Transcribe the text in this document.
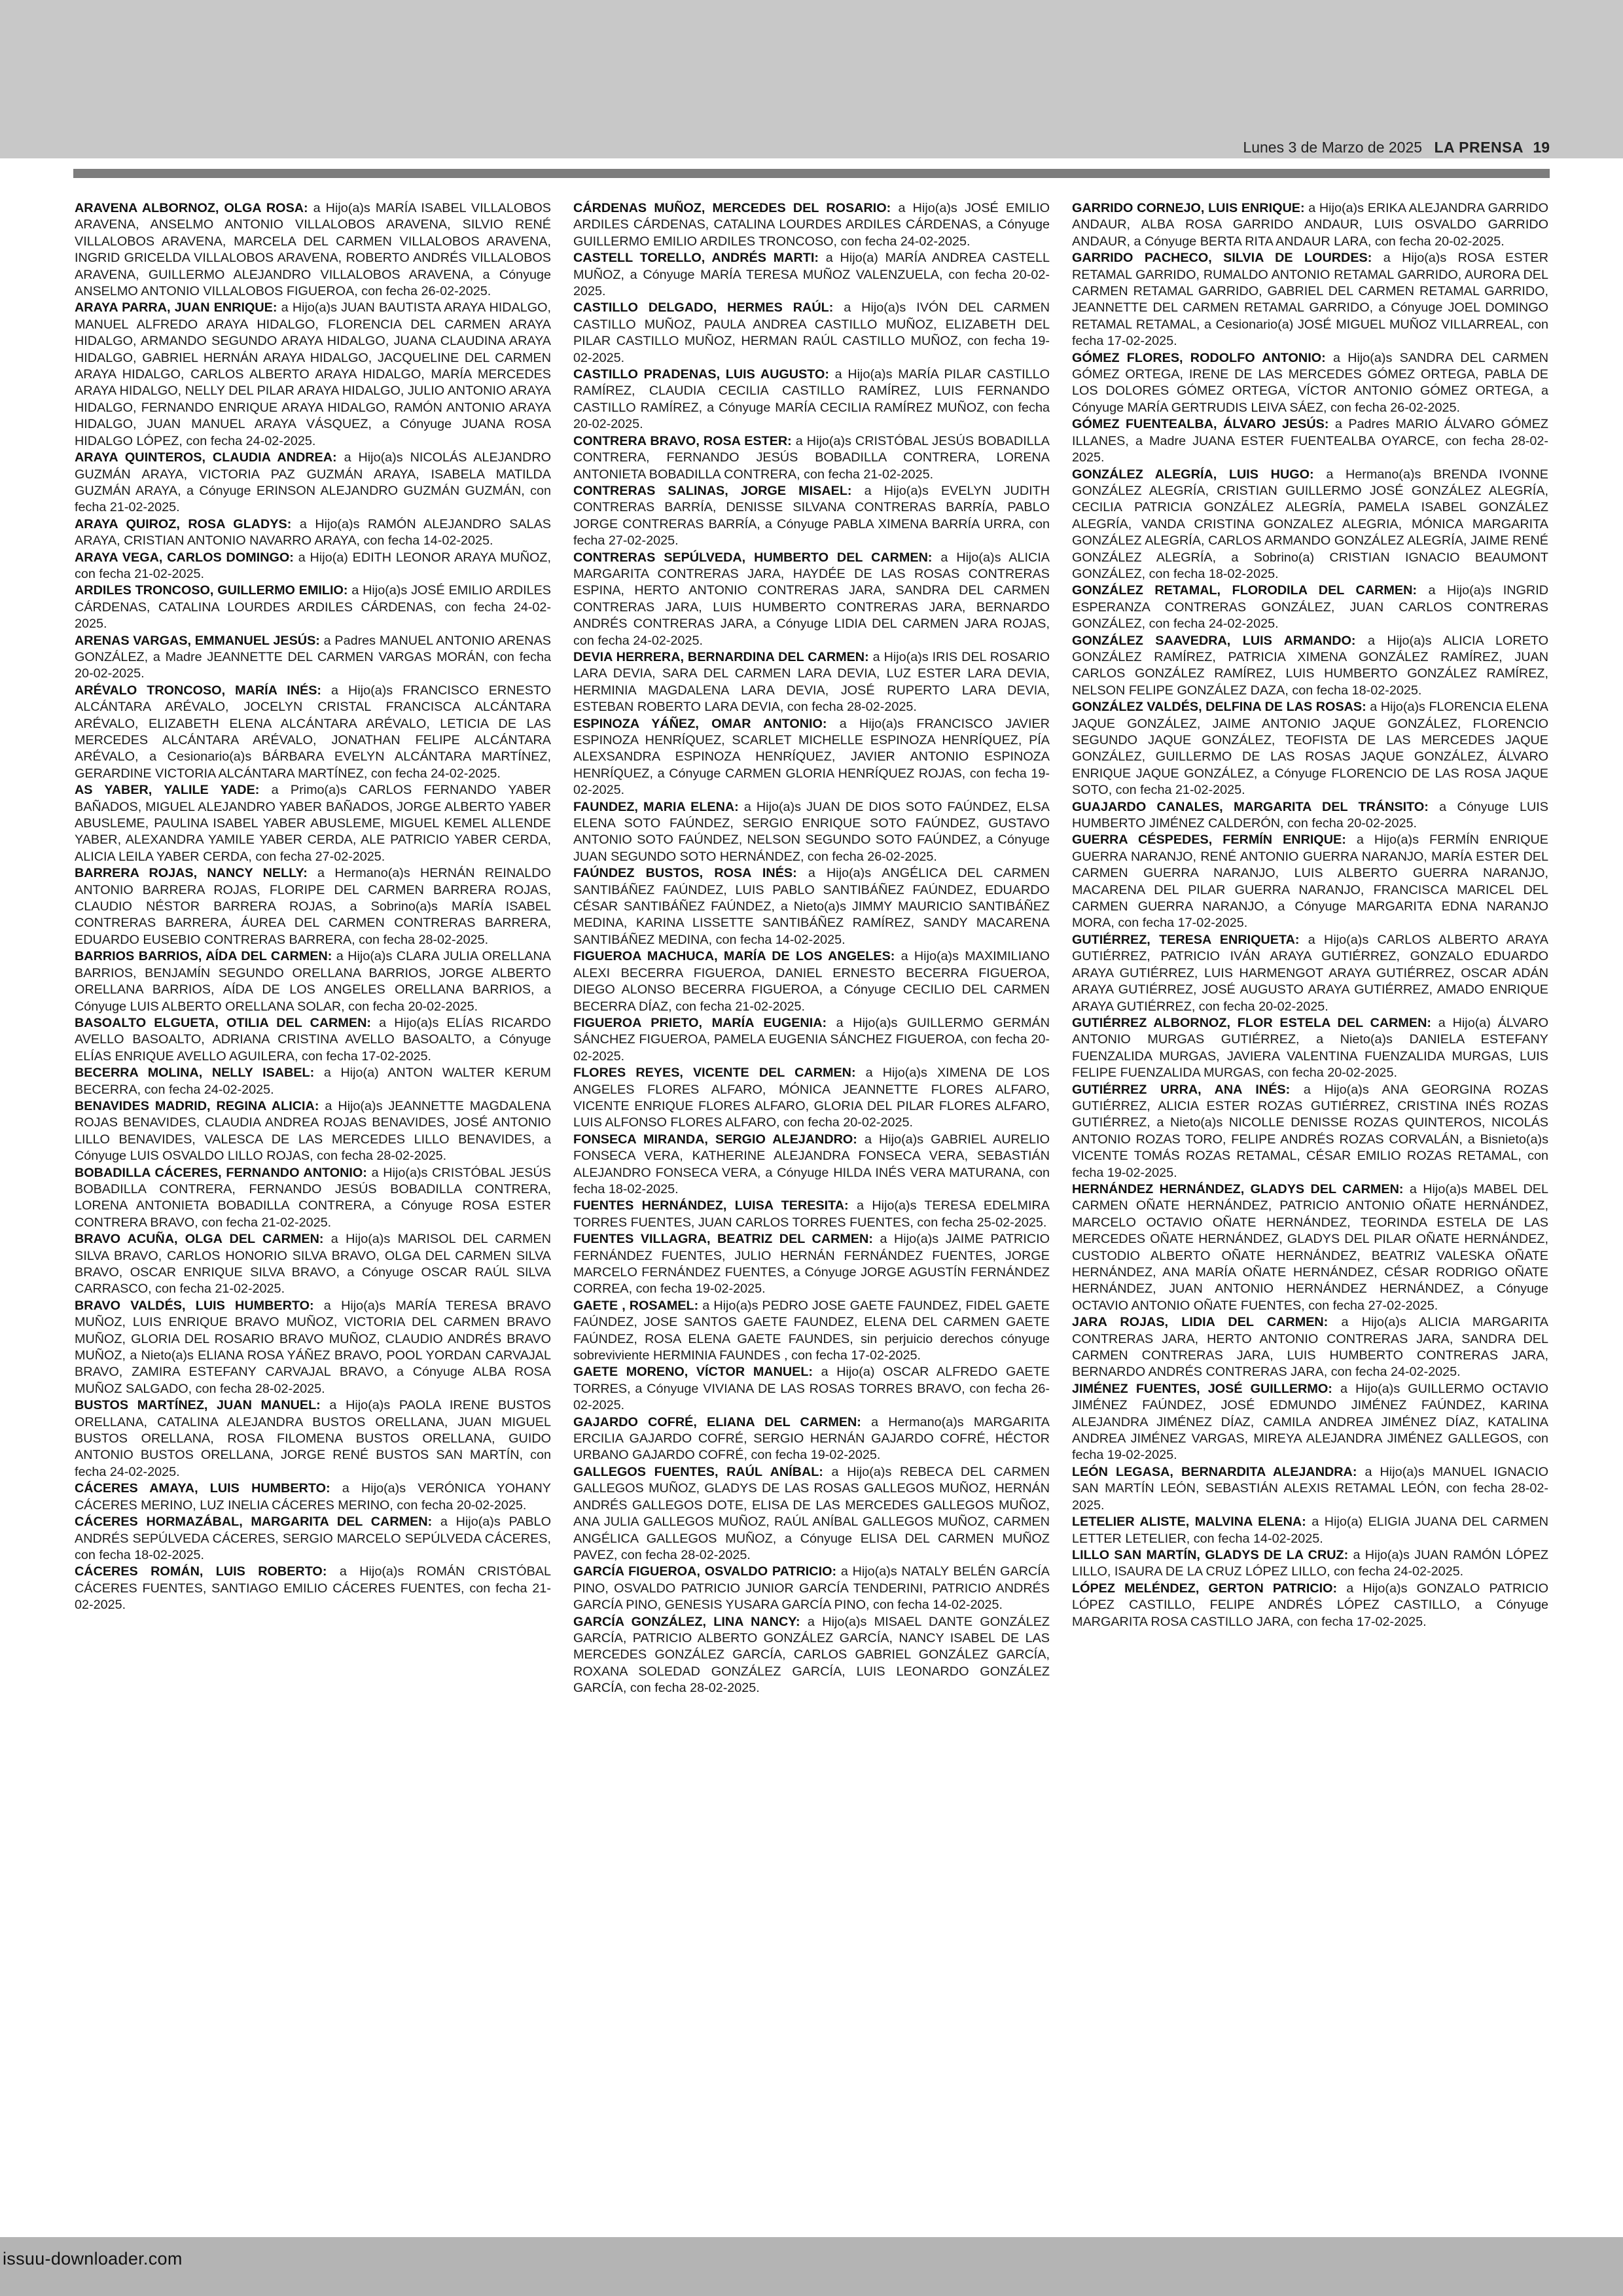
Lunes 3 de Marzo de 2025 LA PRENSA 19

ARAVENA ALBORNOZ, OLGA ROSA: a Hijo(a)s MARÍA ISABEL VILLALOBOS ARAVENA, ANSELMO ANTONIO VILLALOBOS ARAVENA, SILVIO RENÉ VILLALOBOS ARAVENA, MARCELA DEL CARMEN VILLALOBOS ARAVENA, INGRID GRICELDA VILLALOBOS ARAVENA, ROBERTO ANDRÉS VILLALOBOS ARAVENA, GUILLERMO ALEJANDRO VILLALOBOS ARAVENA, a Cónyuge ANSELMO ANTONIO VILLALOBOS FIGUEROA, con fecha 26-02-2025.

ARAYA PARRA, JUAN ENRIQUE: a Hijo(a)s JUAN BAUTISTA ARAYA HIDALGO, MANUEL ALFREDO ARAYA HIDALGO, FLORENCIA DEL CARMEN ARAYA HIDALGO, ARMANDO SEGUNDO ARAYA HIDALGO, JUANA CLAUDINA ARAYA HIDALGO, GABRIEL HERNÁN ARAYA HIDALGO, JACQUELINE DEL CARMEN ARAYA HIDALGO, CARLOS ALBERTO ARAYA HIDALGO, MARÍA MERCEDES ARAYA HIDALGO, NELLY DEL PILAR ARAYA HIDALGO, JULIO ANTONIO ARAYA HIDALGO, FERNANDO ENRIQUE ARAYA HIDALGO, RAMÓN ANTONIO ARAYA HIDALGO, JUAN MANUEL ARAYA VÁSQUEZ, a Cónyuge JUANA ROSA HIDALGO LÓPEZ, con fecha 24-02-2025.

ARAYA QUINTEROS, CLAUDIA ANDREA: a Hijo(a)s NICOLÁS ALEJANDRO GUZMÁN ARAYA, VICTORIA PAZ GUZMÁN ARAYA, ISABELA MATILDA GUZMÁN ARAYA, a Cónyuge ERINSON ALEJANDRO GUZMÁN GUZMÁN, con fecha 21-02-2025.

ARAYA QUIROZ, ROSA GLADYS: a Hijo(a)s RAMÓN ALEJANDRO SALAS ARAYA, CRISTIAN ANTONIO NAVARRO ARAYA, con fecha 14-02-2025.

ARAYA VEGA, CARLOS DOMINGO: a Hijo(a) EDITH LEONOR ARAYA MUÑOZ, con fecha 21-02-2025.

ARDILES TRONCOSO, GUILLERMO EMILIO: a Hijo(a)s JOSÉ EMILIO ARDILES CÁRDENAS, CATALINA LOURDES ARDILES CÁRDENAS, con fecha 24-02-2025.

ARENAS VARGAS, EMMANUEL JESÚS: a Padres MANUEL ANTONIO ARENAS GONZÁLEZ, a Madre JEANNETTE DEL CARMEN VARGAS MORÁN, con fecha 20-02-2025.

ARÉVALO TRONCOSO, MARÍA INÉS: a Hijo(a)s FRANCISCO ERNESTO ALCÁNTARA ARÉVALO, JOCELYN CRISTAL FRANCISCA ALCÁNTARA ARÉVALO, ELIZABETH ELENA ALCÁNTARA ARÉVALO, LETICIA DE LAS MERCEDES ALCÁNTARA ARÉVALO, JONATHAN FELIPE ALCÁNTARA ARÉVALO, a Cesionario(a)s BÁRBARA EVELYN ALCÁNTARA MARTÍNEZ, GERARDINE VICTORIA ALCÁNTARA MARTÍNEZ, con fecha 24-02-2025.

AS YABER, YALILE YADE: a Primo(a)s CARLOS FERNANDO YABER BAÑADOS, MIGUEL ALEJANDRO YABER BAÑADOS, JORGE ALBERTO YABER ABUSLEME, PAULINA ISABEL YABER ABUSLEME, MIGUEL KEMEL ALLENDE YABER, ALEXANDRA YAMILE YABER CERDA, ALE PATRICIO YABER CERDA, ALICIA LEILA YABER CERDA, con fecha 27-02-2025.

BARRERA ROJAS, NANCY NELLY: a Hermano(a)s HERNÁN REINALDO ANTONIO BARRERA ROJAS, FLORIPE DEL CARMEN BARRERA ROJAS, CLAUDIO NÉSTOR BARRERA ROJAS, a Sobrino(a)s MARÍA ISABEL CONTRERAS BARRERA, ÁUREA DEL CARMEN CONTRERAS BARRERA, EDUARDO EUSEBIO CONTRERAS BARRERA, con fecha 28-02-2025.

BARRIOS BARRIOS, AÍDA DEL CARMEN: a Hijo(a)s CLARA JULIA ORELLANA BARRIOS, BENJAMÍN SEGUNDO ORELLANA BARRIOS, JORGE ALBERTO ORELLANA BARRIOS, AÍDA DE LOS ANGELES ORELLANA BARRIOS, a Cónyuge LUIS ALBERTO ORELLANA SOLAR, con fecha 20-02-2025.

BASOALTO ELGUETA, OTILIA DEL CARMEN: a Hijo(a)s ELÍAS RICARDO AVELLO BASOALTO, ADRIANA CRISTINA AVELLO BASOALTO, a Cónyuge ELÍAS ENRIQUE AVELLO AGUILERA, con fecha 17-02-2025.

BECERRA MOLINA, NELLY ISABEL: a Hijo(a) ANTON WALTER KERUM BECERRA, con fecha 24-02-2025.

BENAVIDES MADRID, REGINA ALICIA: a Hijo(a)s JEANNETTE MAGDALENA ROJAS BENAVIDES, CLAUDIA ANDREA ROJAS BENAVIDES, JOSÉ ANTONIO LILLO BENAVIDES, VALESCA DE LAS MERCEDES LILLO BENAVIDES, a Cónyuge LUIS OSVALDO LILLO ROJAS, con fecha 28-02-2025.

BOBADILLA CÁCERES, FERNANDO ANTONIO: a Hijo(a)s CRISTÓBAL JESÚS BOBADILLA CONTRERA, FERNANDO JESÚS BOBADILLA CONTRERA, LORENA ANTONIETA BOBADILLA CONTRERA, a Cónyuge ROSA ESTER CONTRERA BRAVO, con fecha 21-02-2025.

BRAVO ACUÑA, OLGA DEL CARMEN: a Hijo(a)s MARISOL DEL CARMEN SILVA BRAVO, CARLOS HONORIO SILVA BRAVO, OLGA DEL CARMEN SILVA BRAVO, OSCAR ENRIQUE SILVA BRAVO, a Cónyuge OSCAR RAÚL SILVA CARRASCO, con fecha 21-02-2025.

BRAVO VALDÉS, LUIS HUMBERTO: a Hijo(a)s MARÍA TERESA BRAVO MUÑOZ, LUIS ENRIQUE BRAVO MUÑOZ, VICTORIA DEL CARMEN BRAVO MUÑOZ, GLORIA DEL ROSARIO BRAVO MUÑOZ, CLAUDIO ANDRÉS BRAVO MUÑOZ, a Nieto(a)s ELIANA ROSA YÁÑEZ BRAVO, POOL YORDAN CARVAJAL BRAVO, ZAMIRA ESTEFANY CARVAJAL BRAVO, a Cónyuge ALBA ROSA MUÑOZ SALGADO, con fecha 28-02-2025.

BUSTOS MARTÍNEZ, JUAN MANUEL: a Hijo(a)s PAOLA IRENE BUSTOS ORELLANA, CATALINA ALEJANDRA BUSTOS ORELLANA, JUAN MIGUEL BUSTOS ORELLANA, ROSA FILOMENA BUSTOS ORELLANA, GUIDO ANTONIO BUSTOS ORELLANA, JORGE RENÉ BUSTOS SAN MARTÍN, con fecha 24-02-2025.

CÁCERES AMAYA, LUIS HUMBERTO: a Hijo(a)s VERÓNICA YOHANY CÁCERES MERINO, LUZ INELIA CÁCERES MERINO, con fecha 20-02-2025.

CÁCERES HORMAZÁBAL, MARGARITA DEL CARMEN: a Hijo(a)s PABLO ANDRÉS SEPÚLVEDA CÁCERES, SERGIO MARCELO SEPÚLVEDA CÁCERES, con fecha 18-02-2025.

CÁCERES ROMÁN, LUIS ROBERTO: a Hijo(a)s ROMÁN CRISTÓBAL CÁCERES FUENTES, SANTIAGO EMILIO CÁCERES FUENTES, con fecha 21-02-2025.

CÁRDENAS MUÑOZ, MERCEDES DEL ROSARIO: a Hijo(a)s JOSÉ EMILIO ARDILES CÁRDENAS, CATALINA LOURDES ARDILES CÁRDENAS, a Cónyuge GUILLERMO EMILIO ARDILES TRONCOSO, con fecha 24-02-2025.

CASTELL TORELLO, ANDRÉS MARTI: a Hijo(a) MARÍA ANDREA CASTELL MUÑOZ, a Cónyuge MARÍA TERESA MUÑOZ VALENZUELA, con fecha 20-02-2025.

CASTILLO DELGADO, HERMES RAÚL: a Hijo(a)s IVÓN DEL CARMEN CASTILLO MUÑOZ, PAULA ANDREA CASTILLO MUÑOZ, ELIZABETH DEL PILAR CASTILLO MUÑOZ, HERMAN RAÚL CASTILLO MUÑOZ, con fecha 19-02-2025.

CASTILLO PRADENAS, LUIS AUGUSTO: a Hijo(a)s MARÍA PILAR CASTILLO RAMÍREZ, CLAUDIA CECILIA CASTILLO RAMÍREZ, LUIS FERNANDO CASTILLO RAMÍREZ, a Cónyuge MARÍA CECILIA RAMÍREZ MUÑOZ, con fecha 20-02-2025.

CONTRERA BRAVO, ROSA ESTER: a Hijo(a)s CRISTÓBAL JESÚS BOBADILLA CONTRERA, FERNANDO JESÚS BOBADILLA CONTRERA, LORENA ANTONIETA BOBADILLA CONTRERA, con fecha 21-02-2025.

CONTRERAS SALINAS, JORGE MISAEL: a Hijo(a)s EVELYN JUDITH CONTRERAS BARRÍA, DENISSE SILVANA CONTRERAS BARRÍA, PABLO JORGE CONTRERAS BARRÍA, a Cónyuge PABLA XIMENA BARRÍA URRA, con fecha 27-02-2025.

CONTRERAS SEPÚLVEDA, HUMBERTO DEL CARMEN: a Hijo(a)s ALICIA MARGARITA CONTRERAS JARA, HAYDÉE DE LAS ROSAS CONTRERAS ESPINA, HERTO ANTONIO CONTRERAS JARA, SANDRA DEL CARMEN CONTRERAS JARA, LUIS HUMBERTO CONTRERAS JARA, BERNARDO ANDRÉS CONTRERAS JARA, a Cónyuge LIDIA DEL CARMEN JARA ROJAS, con fecha 24-02-2025.

DEVIA HERRERA, BERNARDINA DEL CARMEN: a Hijo(a)s IRIS DEL ROSARIO LARA DEVIA, SARA DEL CARMEN LARA DEVIA, LUZ ESTER LARA DEVIA, HERMINIA MAGDALENA LARA DEVIA, JOSÉ RUPERTO LARA DEVIA, ESTEBAN ROBERTO LARA DEVIA, con fecha 28-02-2025.

ESPINOZA YÁÑEZ, OMAR ANTONIO: a Hijo(a)s FRANCISCO JAVIER ESPINOZA HENRÍQUEZ, SCARLET MICHELLE ESPINOZA HENRÍQUEZ, PÍA ALEXSANDRA ESPINOZA HENRÍQUEZ, JAVIER ANTONIO ESPINOZA HENRÍQUEZ, a Cónyuge CARMEN GLORIA HENRÍQUEZ ROJAS, con fecha 19-02-2025.

FAUNDEZ, MARIA ELENA: a Hijo(a)s JUAN DE DIOS SOTO FAÚNDEZ, ELSA ELENA SOTO FAÚNDEZ, SERGIO ENRIQUE SOTO FAÚNDEZ, GUSTAVO ANTONIO SOTO FAÚNDEZ, NELSON SEGUNDO SOTO FAÚNDEZ, a Cónyuge JUAN SEGUNDO SOTO HERNÁNDEZ, con fecha 26-02-2025.

FAÚNDEZ BUSTOS, ROSA INÉS: a Hijo(a)s ANGÉLICA DEL CARMEN SANTIBÁÑEZ FAÚNDEZ, LUIS PABLO SANTIBÁÑEZ FAÚNDEZ, EDUARDO CÉSAR SANTIBÁÑEZ FAÚNDEZ, a Nieto(a)s JIMMY MAURICIO SANTIBÁÑEZ MEDINA, KARINA LISSETTE SANTIBÁÑEZ RAMÍREZ, SANDY MACARENA SANTIBÁÑEZ MEDINA, con fecha 14-02-2025.

FIGUEROA MACHUCA, MARÍA DE LOS ANGELES: a Hijo(a)s MAXIMILIANO ALEXI BECERRA FIGUEROA, DANIEL ERNESTO BECERRA FIGUEROA, DIEGO ALONSO BECERRA FIGUEROA, a Cónyuge CECILIO DEL CARMEN BECERRA DÍAZ, con fecha 21-02-2025.

FIGUEROA PRIETO, MARÍA EUGENIA: a Hijo(a)s GUILLERMO GERMÁN SÁNCHEZ FIGUEROA, PAMELA EUGENIA SÁNCHEZ FIGUEROA, con fecha 20-02-2025.

FLORES REYES, VICENTE DEL CARMEN: a Hijo(a)s XIMENA DE LOS ANGELES FLORES ALFARO, MÓNICA JEANNETTE FLORES ALFARO, VICENTE ENRIQUE FLORES ALFARO, GLORIA DEL PILAR FLORES ALFARO, LUIS ALFONSO FLORES ALFARO, con fecha 20-02-2025.

FONSECA MIRANDA, SERGIO ALEJANDRO: a Hijo(a)s GABRIEL AURELIO FONSECA VERA, KATHERINE ALEJANDRA FONSECA VERA, SEBASTIÁN ALEJANDRO FONSECA VERA, a Cónyuge HILDA INÉS VERA MATURANA, con fecha 18-02-2025.

FUENTES HERNÁNDEZ, LUISA TERESITA: a Hijo(a)s TERESA EDELMIRA TORRES FUENTES, JUAN CARLOS TORRES FUENTES, con fecha 25-02-2025.

FUENTES VILLAGRA, BEATRIZ DEL CARMEN: a Hijo(a)s JAIME PATRICIO FERNÁNDEZ FUENTES, JULIO HERNÁN FERNÁNDEZ FUENTES, JORGE MARCELO FERNÁNDEZ FUENTES, a Cónyuge JORGE AGUSTÍN FERNÁNDEZ CORREA, con fecha 19-02-2025.

GAETE , ROSAMEL: a Hijo(a)s PEDRO JOSE GAETE FAUNDEZ, FIDEL GAETE FAÚNDEZ, JOSE SANTOS GAETE FAUNDEZ, ELENA DEL CARMEN GAETE FAÚNDEZ, ROSA ELENA GAETE FAUNDES, sin perjuicio derechos cónyuge sobreviviente HERMINIA FAUNDES , con fecha 17-02-2025.

GAETE MORENO, VÍCTOR MANUEL: a Hijo(a) OSCAR ALFREDO GAETE TORRES, a Cónyuge VIVIANA DE LAS ROSAS TORRES BRAVO, con fecha 26-02-2025.

GAJARDO COFRÉ, ELIANA DEL CARMEN: a Hermano(a)s MARGARITA ERCILIA GAJARDO COFRÉ, SERGIO HERNÁN GAJARDO COFRÉ, HÉCTOR URBANO GAJARDO COFRÉ, con fecha 19-02-2025.

GALLEGOS FUENTES, RAÚL ANÍBAL: a Hijo(a)s REBECA DEL CARMEN GALLEGOS MUÑOZ, GLADYS DE LAS ROSAS GALLEGOS MUÑOZ, HERNÁN ANDRÉS GALLEGOS DOTE, ELISA DE LAS MERCEDES GALLEGOS MUÑOZ, ANA JULIA GALLEGOS MUÑOZ, RAÚL ANÍBAL GALLEGOS MUÑOZ, CARMEN ANGÉLICA GALLEGOS MUÑOZ, a Cónyuge ELISA DEL CARMEN MUÑOZ PAVEZ, con fecha 28-02-2025.

GARCÍA FIGUEROA, OSVALDO PATRICIO: a Hijo(a)s NATALY BELÉN GARCÍA PINO, OSVALDO PATRICIO JUNIOR GARCÍA TENDERINI, PATRICIO ANDRÉS GARCÍA PINO, GENESIS YUSARA GARCÍA PINO, con fecha 14-02-2025.

GARCÍA GONZÁLEZ, LINA NANCY: a Hijo(a)s MISAEL DANTE GONZÁLEZ GARCÍA, PATRICIO ALBERTO GONZÁLEZ GARCÍA, NANCY ISABEL DE LAS MERCEDES GONZÁLEZ GARCÍA, CARLOS GABRIEL GONZÁLEZ GARCÍA, ROXANA SOLEDAD GONZÁLEZ GARCÍA, LUIS LEONARDO GONZÁLEZ GARCÍA, con fecha 28-02-2025.

GARRIDO CORNEJO, LUIS ENRIQUE: a Hijo(a)s ERIKA ALEJANDRA GARRIDO ANDAUR, ALBA ROSA GARRIDO ANDAUR, LUIS OSVALDO GARRIDO ANDAUR, a Cónyuge BERTA RITA ANDAUR LARA, con fecha 20-02-2025.

GARRIDO PACHECO, SILVIA DE LOURDES: a Hijo(a)s ROSA ESTER RETAMAL GARRIDO, RUMALDO ANTONIO RETAMAL GARRIDO, AURORA DEL CARMEN RETAMAL GARRIDO, GABRIEL DEL CARMEN RETAMAL GARRIDO, JEANNETTE DEL CARMEN RETAMAL GARRIDO, a Cónyuge JOEL DOMINGO RETAMAL RETAMAL, a Cesionario(a) JOSÉ MIGUEL MUÑOZ VILLARREAL, con fecha 17-02-2025.

GÓMEZ FLORES, RODOLFO ANTONIO: a Hijo(a)s SANDRA DEL CARMEN GÓMEZ ORTEGA, IRENE DE LAS MERCEDES GÓMEZ ORTEGA, PABLA DE LOS DOLORES GÓMEZ ORTEGA, VÍCTOR ANTONIO GÓMEZ ORTEGA, a Cónyuge MARÍA GERTRUDIS LEIVA SÁEZ, con fecha 26-02-2025.

GÓMEZ FUENTEALBA, ÁLVARO JESÚS: a Padres MARIO ÁLVARO GÓMEZ ILLANES, a Madre JUANA ESTER FUENTEALBA OYARCE, con fecha 28-02-2025.

GONZÁLEZ ALEGRÍA, LUIS HUGO: a Hermano(a)s BRENDA IVONNE GONZÁLEZ ALEGRÍA, CRISTIAN GUILLERMO JOSÉ GONZÁLEZ ALEGRÍA, CECILIA PATRICIA GONZÁLEZ ALEGRÍA, PAMELA ISABEL GONZÁLEZ ALEGRÍA, VANDA CRISTINA GONZALEZ ALEGRIA, MÓNICA MARGARITA GONZÁLEZ ALEGRÍA, CARLOS ARMANDO GONZÁLEZ ALEGRÍA, JAIME RENÉ GONZÁLEZ ALEGRÍA, a Sobrino(a) CRISTIAN IGNACIO BEAUMONT GONZÁLEZ, con fecha 18-02-2025.

GONZÁLEZ RETAMAL, FLORODILA DEL CARMEN: a Hijo(a)s INGRID ESPERANZA CONTRERAS GONZÁLEZ, JUAN CARLOS CONTRERAS GONZÁLEZ, con fecha 24-02-2025.

GONZÁLEZ SAAVEDRA, LUIS ARMANDO: a Hijo(a)s ALICIA LORETO GONZÁLEZ RAMÍREZ, PATRICIA XIMENA GONZÁLEZ RAMÍREZ, JUAN CARLOS GONZÁLEZ RAMÍREZ, LUIS HUMBERTO GONZÁLEZ RAMÍREZ, NELSON FELIPE GONZÁLEZ DAZA, con fecha 18-02-2025.

GONZÁLEZ VALDÉS, DELFINA DE LAS ROSAS: a Hijo(a)s FLORENCIA ELENA JAQUE GONZÁLEZ, JAIME ANTONIO JAQUE GONZÁLEZ, FLORENCIO SEGUNDO JAQUE GONZÁLEZ, TEOFISTA DE LAS MERCEDES JAQUE GONZÁLEZ, GUILLERMO DE LAS ROSAS JAQUE GONZÁLEZ, ÁLVARO ENRIQUE JAQUE GONZÁLEZ, a Cónyuge FLORENCIO DE LAS ROSA JAQUE SOTO, con fecha 21-02-2025.

GUAJARDO CANALES, MARGARITA DEL TRÁNSITO: a Cónyuge LUIS HUMBERTO JIMÉNEZ CALDERÓN, con fecha 20-02-2025.

GUERRA CÉSPEDES, FERMÍN ENRIQUE: a Hijo(a)s FERMÍN ENRIQUE GUERRA NARANJO, RENÉ ANTONIO GUERRA NARANJO, MARÍA ESTER DEL CARMEN GUERRA NARANJO, LUIS ALBERTO GUERRA NARANJO, MACARENA DEL PILAR GUERRA NARANJO, FRANCISCA MARICEL DEL CARMEN GUERRA NARANJO, a Cónyuge MARGARITA EDNA NARANJO MORA, con fecha 17-02-2025.

GUTIÉRREZ, TERESA ENRIQUETA: a Hijo(a)s CARLOS ALBERTO ARAYA GUTIÉRREZ, PATRICIO IVÁN ARAYA GUTIÉRREZ, GONZALO EDUARDO ARAYA GUTIÉRREZ, LUIS HARMENGOT ARAYA GUTIÉRREZ, OSCAR ADÁN ARAYA GUTIÉRREZ, JOSÉ AUGUSTO ARAYA GUTIÉRREZ, AMADO ENRIQUE ARAYA GUTIÉRREZ, con fecha 20-02-2025.

GUTIÉRREZ ALBORNOZ, FLOR ESTELA DEL CARMEN: a Hijo(a) ÁLVARO ANTONIO MURGAS GUTIÉRREZ, a Nieto(a)s DANIELA ESTEFANY FUENZALIDA MURGAS, JAVIERA VALENTINA FUENZALIDA MURGAS, LUIS FELIPE FUENZALIDA MURGAS, con fecha 20-02-2025.

GUTIÉRREZ URRA, ANA INÉS: a Hijo(a)s ANA GEORGINA ROZAS GUTIÉRREZ, ALICIA ESTER ROZAS GUTIÉRREZ, CRISTINA INÉS ROZAS GUTIÉRREZ, a Nieto(a)s NICOLLE DENISSE ROZAS QUINTEROS, NICOLÁS ANTONIO ROZAS TORO, FELIPE ANDRÉS ROZAS CORVALÁN, a Bisnieto(a)s VICENTE TOMÁS ROZAS RETAMAL, CÉSAR EMILIO ROZAS RETAMAL, con fecha 19-02-2025.

HERNÁNDEZ HERNÁNDEZ, GLADYS DEL CARMEN: a Hijo(a)s MABEL DEL CARMEN OÑATE HERNÁNDEZ, PATRICIO ANTONIO OÑATE HERNÁNDEZ, MARCELO OCTAVIO OÑATE HERNÁNDEZ, TEORINDA ESTELA DE LAS MERCEDES OÑATE HERNÁNDEZ, GLADYS DEL PILAR OÑATE HERNÁNDEZ, CUSTODIO ALBERTO OÑATE HERNÁNDEZ, BEATRIZ VALESKA OÑATE HERNÁNDEZ, ANA MARÍA OÑATE HERNÁNDEZ, CÉSAR RODRIGO OÑATE HERNÁNDEZ, JUAN ANTONIO HERNÁNDEZ HERNÁNDEZ, a Cónyuge OCTAVIO ANTONIO OÑATE FUENTES, con fecha 27-02-2025.

JARA ROJAS, LIDIA DEL CARMEN: a Hijo(a)s ALICIA MARGARITA CONTRERAS JARA, HERTO ANTONIO CONTRERAS JARA, SANDRA DEL CARMEN CONTRERAS JARA, LUIS HUMBERTO CONTRERAS JARA, BERNARDO ANDRÉS CONTRERAS JARA, con fecha 24-02-2025.

JIMÉNEZ FUENTES, JOSÉ GUILLERMO: a Hijo(a)s GUILLERMO OCTAVIO JIMÉNEZ FAÚNDEZ, JOSÉ EDMUNDO JIMÉNEZ FAÚNDEZ, KARINA ALEJANDRA JIMÉNEZ DÍAZ, CAMILA ANDREA JIMÉNEZ DÍAZ, KATALINA ANDREA JIMÉNEZ VARGAS, MIREYA ALEJANDRA JIMÉNEZ GALLEGOS, con fecha 19-02-2025.

LEÓN LEGASA, BERNARDITA ALEJANDRA: a Hijo(a)s MANUEL IGNACIO SAN MARTÍN LEÓN, SEBASTIÁN ALEXIS RETAMAL LEÓN, con fecha 28-02-2025.

LETELIER ALISTE, MALVINA ELENA: a Hijo(a) ELIGIA JUANA DEL CARMEN LETTER LETELIER, con fecha 14-02-2025.

LILLO SAN MARTÍN, GLADYS DE LA CRUZ: a Hijo(a)s JUAN RAMÓN LÓPEZ LILLO, ISAURA DE LA CRUZ LÓPEZ LILLO, con fecha 24-02-2025.

LÓPEZ MELÉNDEZ, GERTON PATRICIO: a Hijo(a)s GONZALO PATRICIO LÓPEZ CASTILLO, FELIPE ANDRÉS LÓPEZ CASTILLO, a Cónyuge MARGARITA ROSA CASTILLO JARA, con fecha 17-02-2025.

issuu-downloader.com
